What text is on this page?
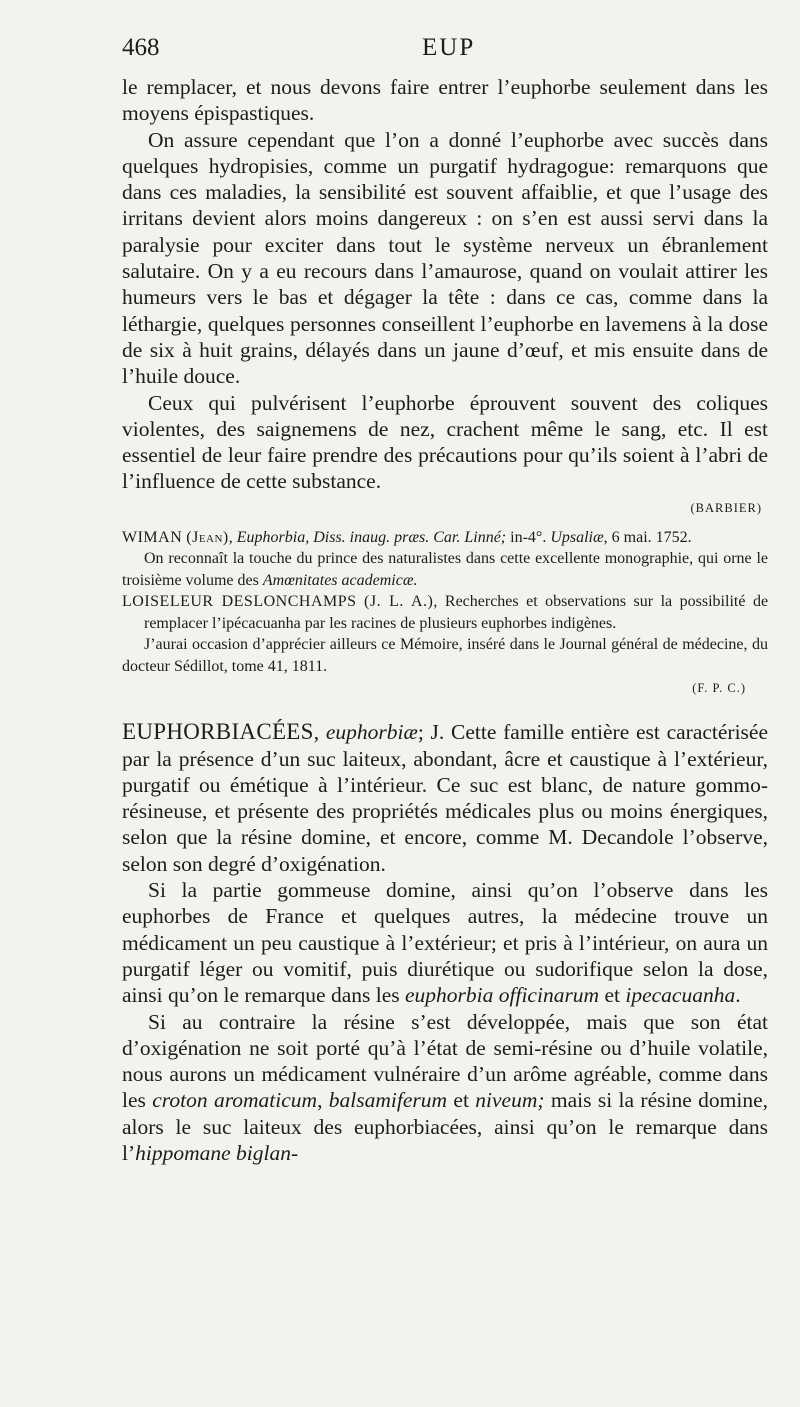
468	EUP

le remplacer, et nous devons faire entrer l’euphorbe seulement dans les moyens épispastiques.

On assure cependant que l’on a donné l’euphorbe avec succès dans quelques hydropisies, comme un purgatif hydragogue: remarquons que dans ces maladies, la sensibilité est souvent affaiblie, et que l’usage des irritans devient alors moins dangereux : on s’en est aussi servi dans la paralysie pour exciter dans tout le système nerveux un ébranlement salutaire. On y a eu recours dans l’amaurose, quand on voulait attirer les humeurs vers le bas et dégager la tête : dans ce cas, comme dans la léthargie, quelques personnes conseillent l’euphorbe en lavemens à la dose de six à huit grains, délayés dans un jaune d’œuf, et mis ensuite dans de l’huile douce.

Ceux qui pulvérisent l’euphorbe éprouvent souvent des coliques violentes, des saignemens de nez, crachent même le sang, etc. Il est essentiel de leur faire prendre des précautions pour qu’ils soient à l’abri de l’influence de cette substance.

(BARBIER)

WIMAN (Jean), Euphorbia, Diss. inaug. præs. Car. Linné; in-4°. Upsaliæ, 6 mai. 1752.

On reconnaît la touche du prince des naturalistes dans cette excellente monographie, qui orne le troisième volume des Amœnitates academicæ.

LOISELEUR DESLONCHAMPS (J. L. A.), Recherches et observations sur la possibilité de remplacer l’ipécacuanha par les racines de plusieurs euphorbes indigènes.

J’aurai occasion d’apprécier ailleurs ce Mémoire, inséré dans le Journal général de médecine, du docteur Sédillot, tome 41, 1811.

(F. P. C.)

EUPHORBIACÉES, euphorbiæ; J. Cette famille entière est caractérisée par la présence d’un suc laiteux, abondant, âcre et caustique à l’extérieur, purgatif ou émétique à l’intérieur. Ce suc est blanc, de nature gommo-résineuse, et présente des propriétés médicales plus ou moins énergiques, selon que la résine domine, et encore, comme M. Decandole l’observe, selon son degré d’oxigénation.

Si la partie gommeuse domine, ainsi qu’on l’observe dans les euphorbes de France et quelques autres, la médecine trouve un médicament un peu caustique à l’extérieur; et pris à l’intérieur, on aura un purgatif léger ou vomitif, puis diurétique ou sudorifique selon la dose, ainsi qu’on le remarque dans les euphorbia officinarum et ipecacuanha.

Si au contraire la résine s’est développée, mais que son état d’oxigénation ne soit porté qu’à l’état de semi-résine ou d’huile volatile, nous aurons un médicament vulnéraire d’un arôme agréable, comme dans les croton aromaticum, balsamiferum et niveum; mais si la résine domine, alors le suc laiteux des euphorbiacées, ainsi qu’on le remarque dans l’hippomane biglan-
